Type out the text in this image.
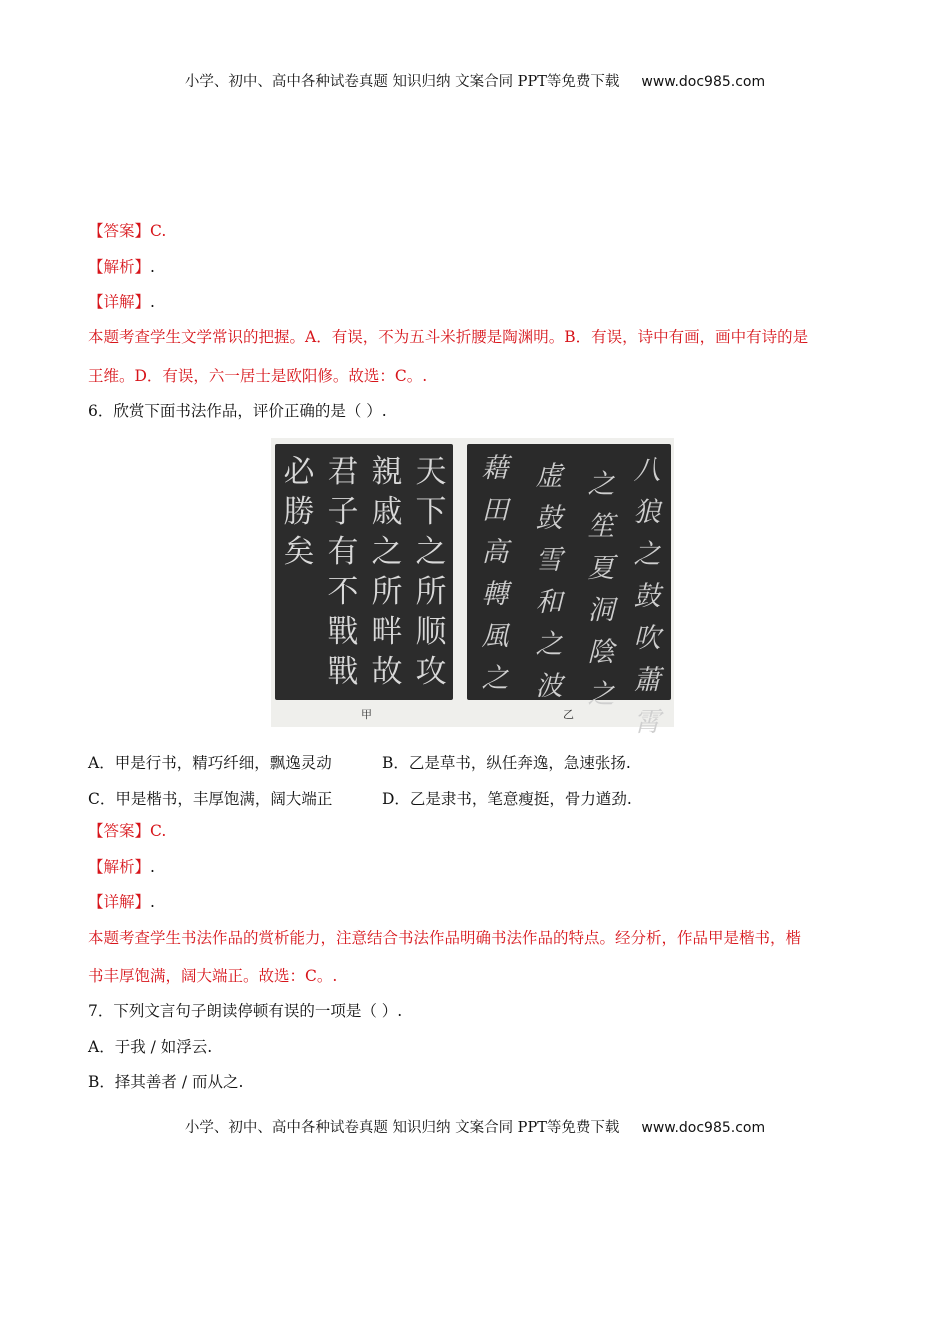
小学、初中、高中各种试卷真题 知识归纳 文案合同 PPT等免费下载 www.doc985.com
【答案】C.
【解析】.
【详解】.
本题考查学生文学常识的把握。A．有误，不为五斗米折腰是陶渊明。B．有误，诗中有画，画中有诗的是
王维。D．有误，六一居士是欧阳修。故选：C。.
6．欣赏下面书法作品，评价正确的是（ ）.
天
下
之
所
顺
攻
親
戚
之
所
畔
故
君
子
有
不
戰
戰
必
勝
矣
八
狼
之
鼓
吹
蕭
霄
之
笙
夏
洞
陰
之
虚
鼓
雪
和
之
波
藉
田
高
轉
風
之
甲	乙
A．甲是行书，精巧纤细，飘逸灵动	B．乙是草书，纵任奔逸，急速张扬.
C．甲是楷书，丰厚饱满，阔大端正	D．乙是隶书，笔意瘦挺，骨力遒劲.
【答案】C.
【解析】.
【详解】.
本题考查学生书法作品的赏析能力，注意结合书法作品明确书法作品的特点。经分析，作品甲是楷书，楷
书丰厚饱满，阔大端正。故选：C。.
7．下列文言句子朗读停顿有误的一项是（ ）.
A．于我 / 如浮云.
B．择其善者 / 而从之.
小学、初中、高中各种试卷真题 知识归纳 文案合同 PPT等免费下载 www.doc985.com
